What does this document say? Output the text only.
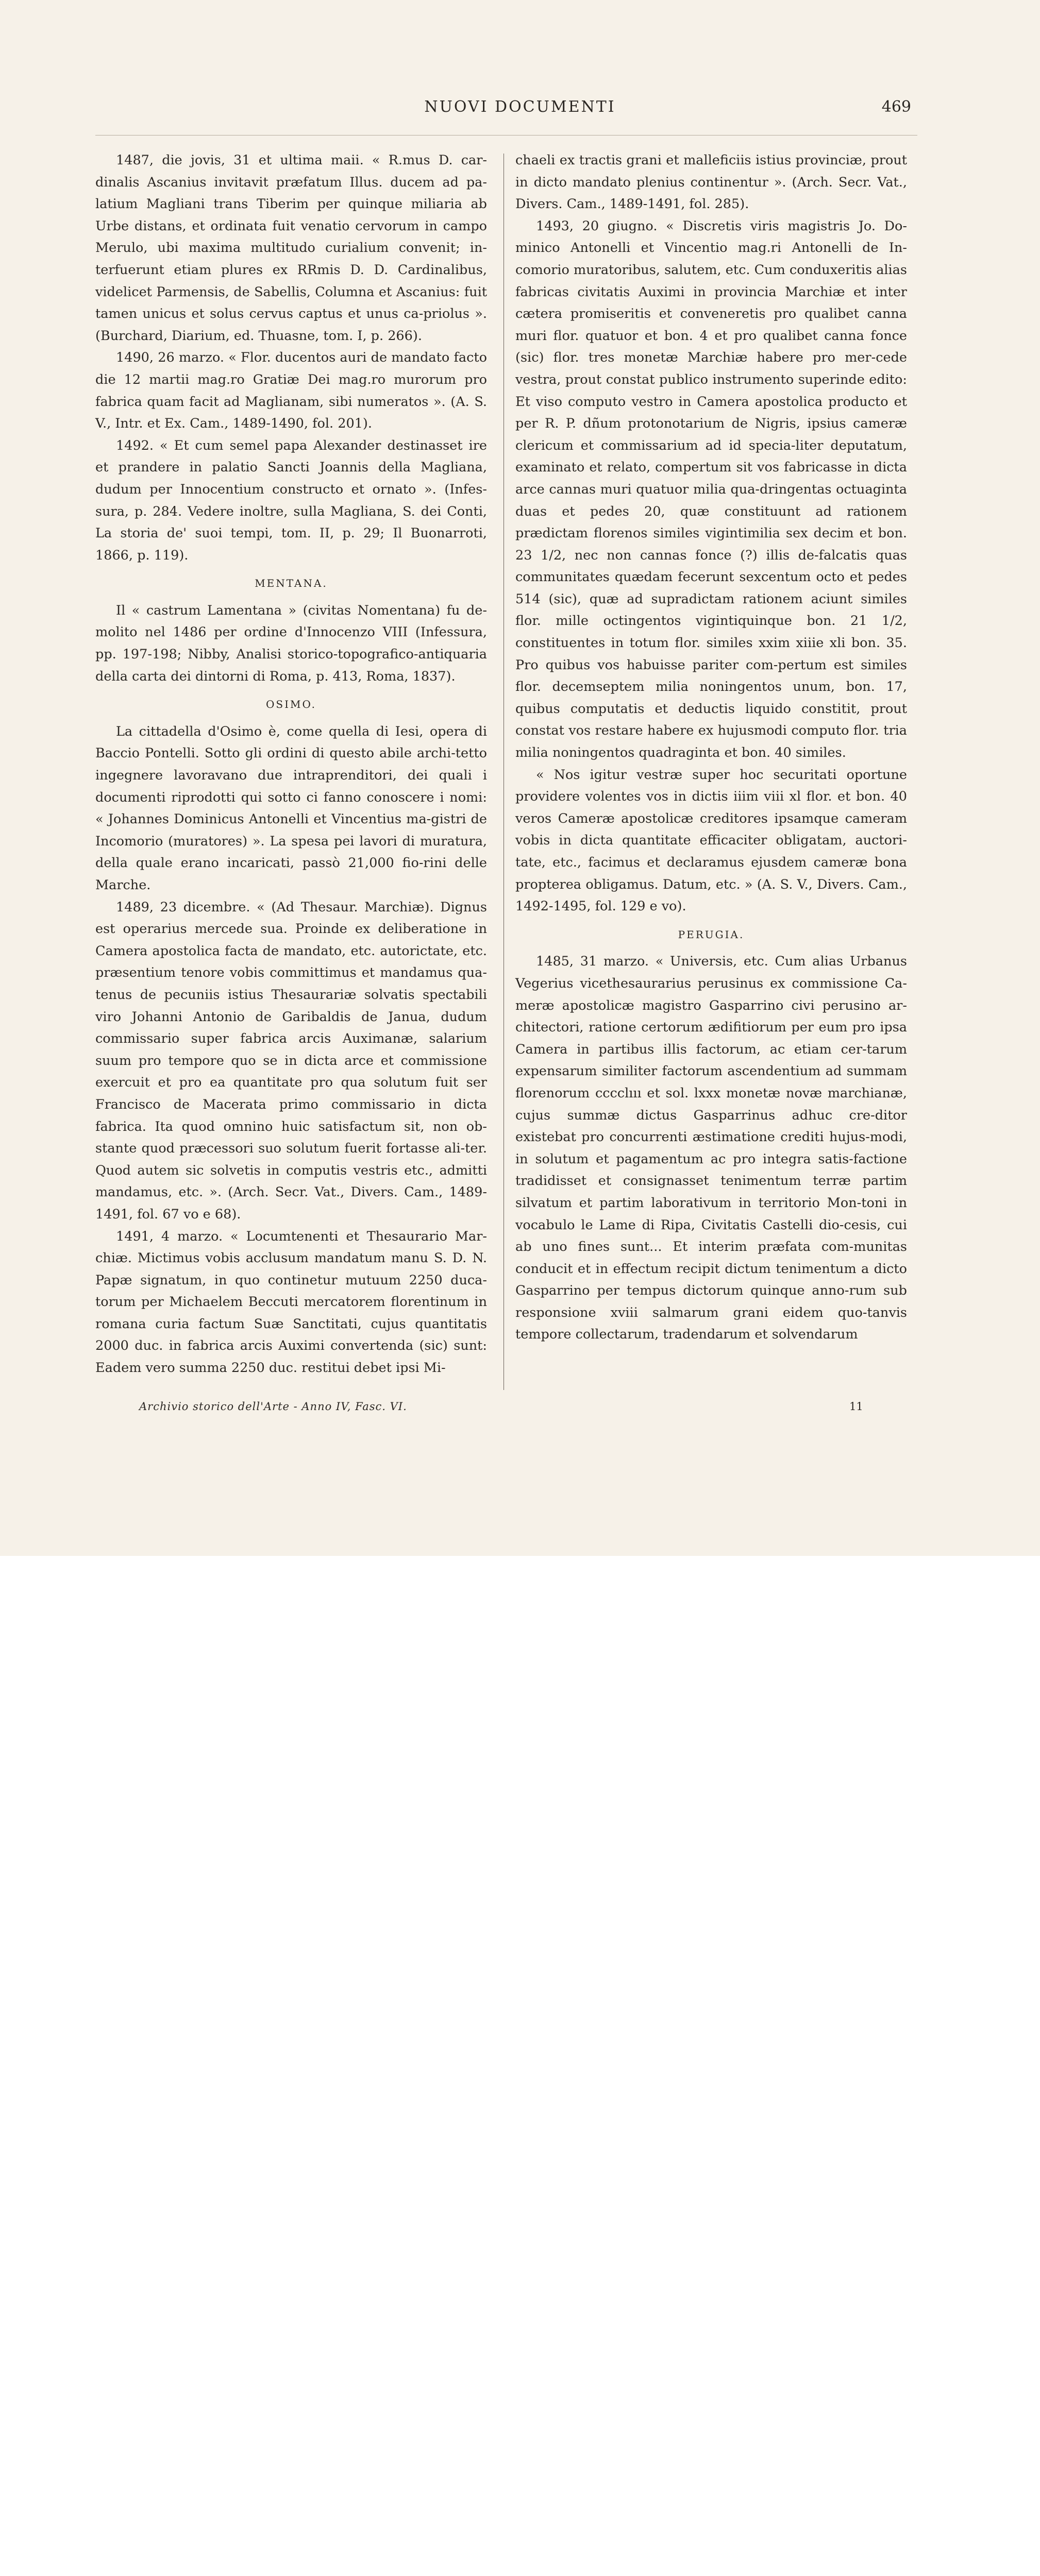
NUOVI DOCUMENTI	469

1487, die jovis, 31 et ultima maii. « R.mus D. car-dinalis Ascanius invitavit præfatum Illus. ducem ad pa-latium Magliani trans Tiberim per quinque miliaria ab Urbe distans, et ordinata fuit venatio cervorum in campo Merulo, ubi maxima multitudo curialium convenit; in-terfuerunt etiam plures ex RRmis D. D. Cardinalibus, videlicet Parmensis, de Sabellis, Columna et Ascanius: fuit tamen unicus et solus cervus captus et unus ca-priolus ». (Burchard, Diarium, ed. Thuasne, tom. I, p. 266).

1490, 26 marzo. « Flor. ducentos auri de mandato facto die 12 martii mag.ro Gratiæ Dei mag.ro murorum pro fabrica quam facit ad Maglianam, sibi numeratos ». (A. S. V., Intr. et Ex. Cam., 1489-1490, fol. 201).

1492. « Et cum semel papa Alexander destinasset ire et prandere in palatio Sancti Joannis della Magliana, dudum per Innocentium constructo et ornato ». (Infes-sura, p. 284. Vedere inoltre, sulla Magliana, S. dei Conti, La storia de' suoi tempi, tom. II, p. 29; Il Buonarroti, 1866, p. 119).

MENTANA.

Il « castrum Lamentana » (civitas Nomentana) fu de-molito nel 1486 per ordine d'Innocenzo VIII (Infessura, pp. 197-198; Nibby, Analisi storico-topografico-antiquaria della carta dei dintorni di Roma, p. 413, Roma, 1837).

OSIMO.

La cittadella d'Osimo è, come quella di Iesi, opera di Baccio Pontelli. Sotto gli ordini di questo abile archi-tetto ingegnere lavoravano due intraprenditori, dei quali i documenti riprodotti qui sotto ci fanno conoscere i nomi: « Johannes Dominicus Antonelli et Vincentius ma-gistri de Incomorio (muratores) ». La spesa pei lavori di muratura, della quale erano incaricati, passò 21,000 fio-rini delle Marche.

1489, 23 dicembre. « (Ad Thesaur. Marchiæ). Dignus est operarius mercede sua. Proinde ex deliberatione in Camera apostolica facta de mandato, etc. autorictate, etc. præsentium tenore vobis committimus et mandamus qua-tenus de pecuniis istius Thesaurariæ solvatis spectabili viro Johanni Antonio de Garibaldis de Janua, dudum commissario super fabrica arcis Auximanæ, salarium suum pro tempore quo se in dicta arce et commissione exercuit et pro ea quantitate pro qua solutum fuit ser Francisco de Macerata primo commissario in dicta fabrica. Ita quod omnino huic satisfactum sit, non ob-stante quod præcessori suo solutum fuerit fortasse ali-ter. Quod autem sic solvetis in computis vestris etc., admitti mandamus, etc. ». (Arch. Secr. Vat., Divers. Cam., 1489-1491, fol. 67 vo e 68).

1491, 4 marzo. « Locumtenenti et Thesaurario Mar-chiæ. Mictimus vobis acclusum mandatum manu S. D. N. Papæ signatum, in quo continetur mutuum 2250 duca-torum per Michaelem Beccuti mercatorem florentinum in romana curia factum Suæ Sanctitati, cujus quantitatis 2000 duc. in fabrica arcis Auximi convertenda (sic) sunt: Eadem vero summa 2250 duc. restitui debet ipsi Mi-

chaeli ex tractis grani et malleficiis istius provinciæ, prout in dicto mandato plenius continentur ». (Arch. Secr. Vat., Divers. Cam., 1489-1491, fol. 285).

1493, 20 giugno. « Discretis viris magistris Jo. Do-minico Antonelli et Vincentio mag.ri Antonelli de In-comorio muratoribus, salutem, etc. Cum conduxeritis alias fabricas civitatis Auximi in provincia Marchiæ et inter cætera promiseritis et conveneretis pro qualibet canna muri flor. quatuor et bon. 4 et pro qualibet canna fonce (sic) flor. tres monetæ Marchiæ habere pro mer-cede vestra, prout constat publico instrumento superinde edito: Et viso computo vestro in Camera apostolica producto et per R. P. dñum protonotarium de Nigris, ipsius cameræ clericum et commissarium ad id specia-liter deputatum, examinato et relato, compertum sit vos fabricasse in dicta arce cannas muri quatuor milia qua-dringentas octuaginta duas et pedes 20, quæ constituunt ad rationem prædictam florenos similes vigintimilia sex decim et bon. 23 1/2, nec non cannas fonce (?) illis de-falcatis quas communitates quædam fecerunt sexcentum octo et pedes 514 (sic), quæ ad supradictam rationem aciunt similes flor. mille octingentos vigintiquinque bon. 21 1/2, constituentes in totum flor. similes xxim xiiie xli bon. 35. Pro quibus vos habuisse pariter com-pertum est similes flor. decemseptem milia noningentos unum, bon. 17, quibus computatis et deductis liquido constitit, prout constat vos restare habere ex hujusmodi computo flor. tria milia noningentos quadraginta et bon. 40 similes.

« Nos igitur vestræ super hoc securitati oportune providere volentes vos in dictis iiim viii xl flor. et bon. 40 veros Cameræ apostolicæ creditores ipsamque cameram vobis in dicta quantitate efficaciter obligatam, auctori-tate, etc., facimus et declaramus ejusdem cameræ bona propterea obligamus. Datum, etc. » (A. S. V., Divers. Cam., 1492-1495, fol. 129 e vo).

PERUGIA.

1485, 31 marzo. « Universis, etc. Cum alias Urbanus Vegerius vicethesaurarius perusinus ex commissione Ca-meræ apostolicæ magistro Gasparrino civi perusino ar-chitectori, ratione certorum ædifitiorum per eum pro ipsa Camera in partibus illis factorum, ac etiam cer-tarum expensarum similiter factorum ascendentium ad summam florenorum cccclııı et sol. lxxx monetæ novæ marchianæ, cujus summæ dictus Gasparrinus adhuc cre-ditor existebat pro concurrenti æstimatione crediti hujus-modi, in solutum et pagamentum ac pro integra satis-factione tradidisset et consignasset tenimentum terræ partim silvatum et partim laborativum in territorio Mon-toni in vocabulo le Lame di Ripa, Civitatis Castelli dio-cesis, cui ab uno fines sunt... Et interim præfata com-munitas conducit et in effectum recipit dictum tenimentum a dicto Gasparrino per tempus dictorum quinque anno-rum sub responsione xviii salmarum grani eidem quo-tanvis tempore collectarum, tradendarum et solvendarum

Archivio storico dell'Arte - Anno IV, Fasc. VI.	11
